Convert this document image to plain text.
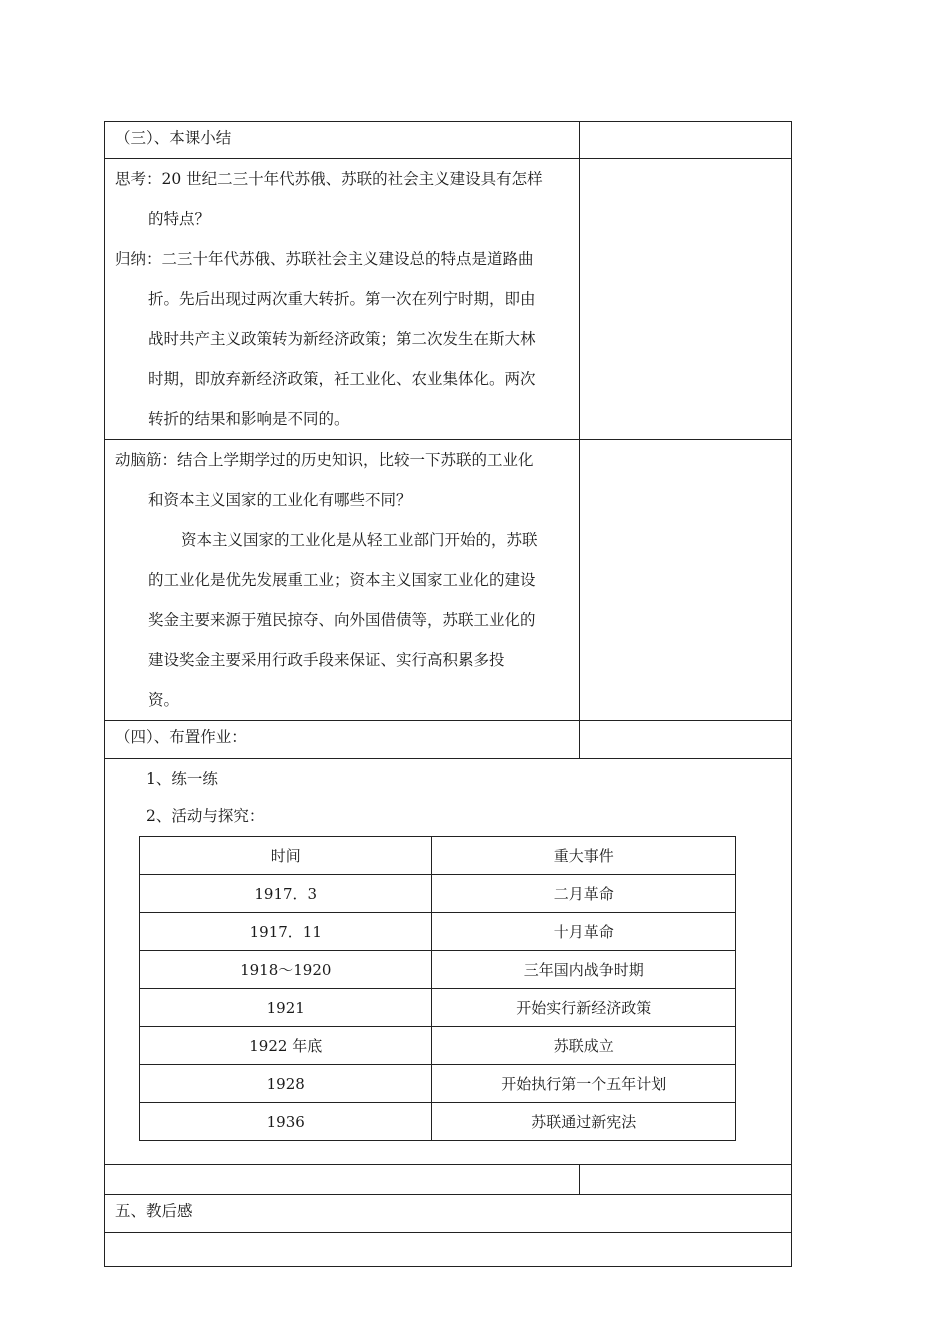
（三）、本课小结	

思考：20 世纪二三十年代苏俄、苏联的社会主义建设具有怎样
的特点？
归纳：二三十年代苏俄、苏联社会主义建设总的特点是道路曲
折。先后出现过两次重大转折。第一次在列宁时期，即由
战时共产主义政策转为新经济政策；第二次发生在斯大林
时期，即放弃新经济政策，衽工业化、农业集体化。两次
转折的结果和影响是不同的。

动脑筋：结合上学期学过的历史知识，比较一下苏联的工业化
和资本主义国家的工业化有哪些不同？
资本主义国家的工业化是从轻工业部门开始的，苏联
的工业化是优先发展重工业；资本主义国家工业化的建设
奖金主要来源于殖民掠夺、向外国借债等，苏联工业化的
建设奖金主要采用行政手段来保证、实行高积累多投
资。

（四）、布置作业：	

1、练一练
2、活动与探究：
时间	重大事件
1917．3	二月革命
1917．11	十月革命
1918～1920	三年国内战争时期
1921	开始实行新经济政策
1922 年底	苏联成立
1928	开始执行第一个五年计划
1936	苏联通过新宪法

五、教后感
